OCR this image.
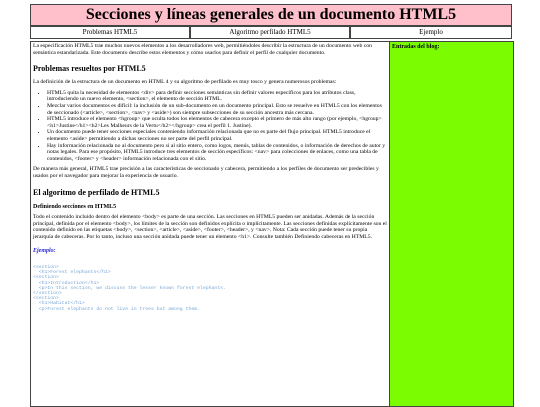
Secciones y líneas generales de un documento HTML5
Problemas HTML5	Algoritmo perfilado HTML5	Ejemplo

La especificación HTML5 trae muchos nuevos elementos a los desarrolladores web, permitiéndoles describir la estructura de un documento web con semántica estandarizada. Este documento describe estos elementos y cómo usarlos para definir el perfil de cualquier documento.

Problemas resueltos por HTML5

La definición de la estructura de un documento en HTML 4 y su algoritmo de perfilado es muy tosco y genera numerosos problemas:

• HTML5 quita la necesidad de elementos <div> para definir secciones semánticas sin definir valores específicos para los atributos class, introduciendo un nuevo elemento, <section>, el elemento de sección HTML.
• Mezclar varios documentos es difícil: la inclusión de un sub-documento en un documento principal. Esto se resuelve en HTML5 con los elementos de seccionado (<article>, <section>, <nav> y <aside>) son siempre subsecciones de su sección ancestra más cercana.
• HTML5 introduce el elemento <hgroup> que oculta todos los elementos de cabecera excepto el primero de más alto rango (por ejemplo, <hgroup><h1>Justine</h1><h2>Les Malheurs de la Vertu</h2></hgroup> crea el perfil 1. Justine).
• Un documento puede tener secciones especiales conteniendo información relacionada que no es parte del flujo principal. HTML5 introduce el elemento <aside> permitiendo a dichas secciones no ser parte del perfil principal.
• Hay información relacionada no al documento pero si al sitio entero, como logos, menús, tablas de contenidos, o información de derechos de autor y notas legales. Para ese propósito, HTML5 introduce tres elementos de sección específicos: <nav> para colecciones de enlaces, como una tabla de contenidos, <footer> y <header> información relacionada con el sitio.

De manera más general, HTML5 trae precisión a las características de seccionado y cabecera, permitiendo a los perfiles de documento ser predecibles y usados por el navegador para mejorar la experiencia de usuario.

El algoritmo de perfilado de HTML5
Definiendo secciones en HTML5

Todo el contenido incluido dentro del elemento <body> es parte de una sección. Las secciones en HTML5 pueden ser anidadas. Además de la sección principal, definida por el elemento <body>, los límites de la sección son definidos explícita o implícitamente. Las secciones definidas explícitamente son el contenido definido en las etiquetas <body>, <section>, <article>, <aside>, <footer>, <header>, y <nav>. Nota: Cada sección puede tener su propia jerarquía de cabeceras. Por lo tanto, incluso una sección anidada puede tener un elemento <h1>. Consulte también Definiendo cabeceras en HTML5.

Ejemplo:
<section>
<h1>Forest elephants</h1>
<section>
<h1>Introduction</h1>
<p>In this section, we discuss the lesser known forest elephants.
</section>
<section>
<h1>Habitat</h1>
<p>Forest elephants do not live in trees but among them.
Entradas del blog:
